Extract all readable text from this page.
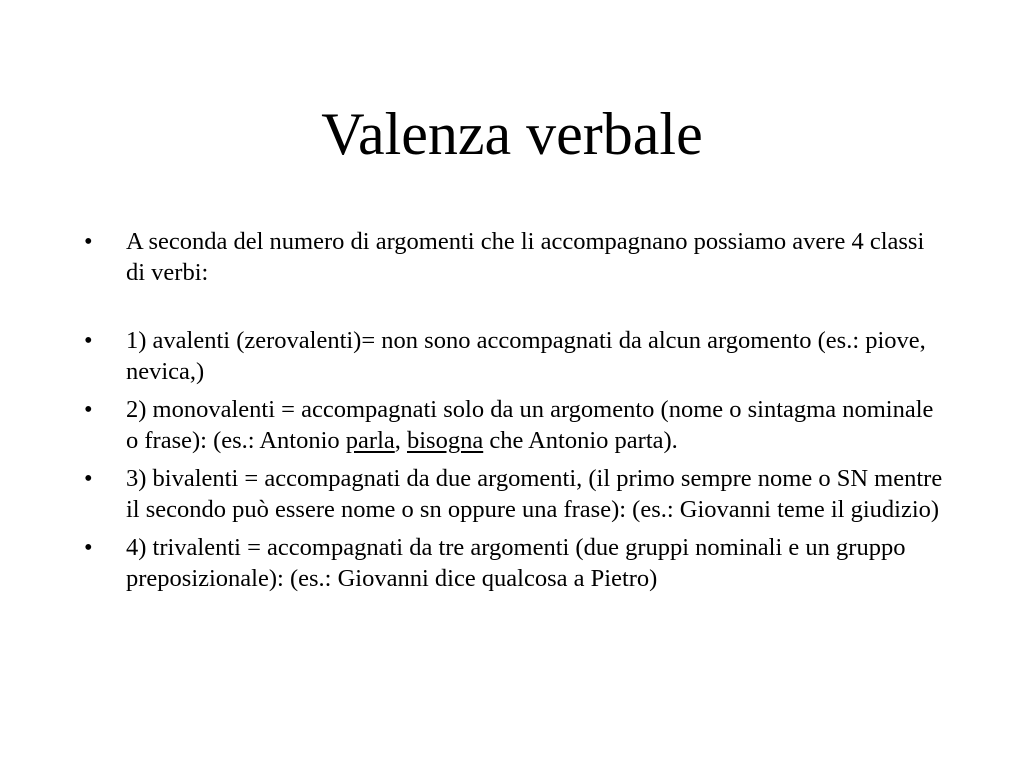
Valenza verbale
•	A seconda del numero di argomenti che li accompagnano possiamo avere 4 classi di verbi:
•	1) avalenti (zerovalenti)= non sono accompagnati da alcun argomento (es.: piove, nevica,)
•	2) monovalenti = accompagnati solo da un argomento (nome o sintagma nominale o frase): (es.: Antonio parla, bisogna che Antonio parta).
•	3) bivalenti = accompagnati da due argomenti, (il primo sempre nome o SN mentre il secondo può essere nome o sn oppure una frase): (es.: Giovanni teme il giudizio)
•	4) trivalenti = accompagnati da tre argomenti (due gruppi nominali e un gruppo preposizionale): (es.: Giovanni dice qualcosa a Pietro)
